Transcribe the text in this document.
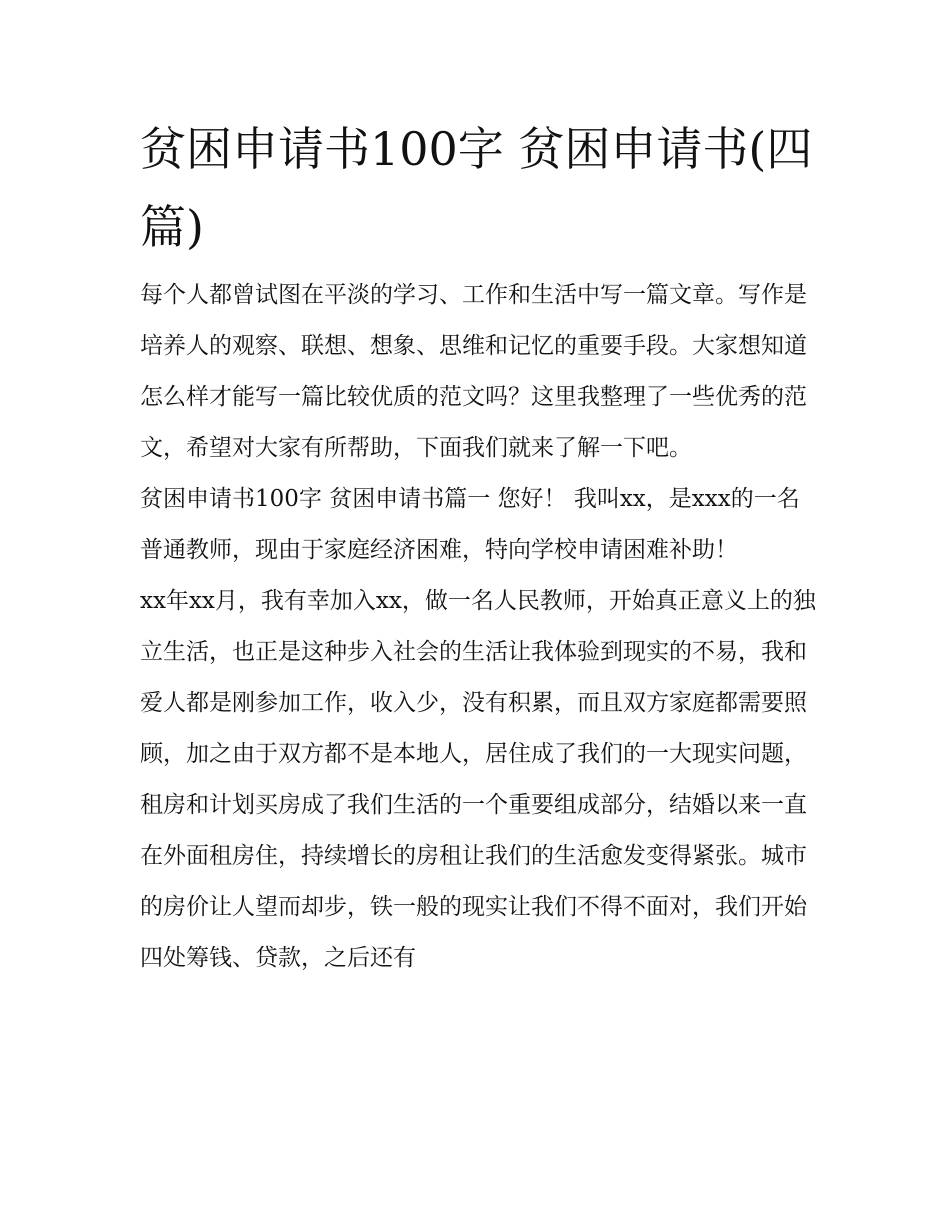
贫困申请书100字 贫困申请书(四篇)

每个人都曾试图在平淡的学习、工作和生活中写一篇文章。写作是培养人的观察、联想、想象、思维和记忆的重要手段。大家想知道怎么样才能写一篇比较优质的范文吗？这里我整理了一些优秀的范文，希望对大家有所帮助，下面我们就来了解一下吧。

贫困申请书100字 贫困申请书篇一 您好！ 我叫xx，是xxx的一名普通教师，现由于家庭经济困难，特向学校申请困难补助！

xx年xx月，我有幸加入xx，做一名人民教师，开始真正意义上的独立生活，也正是这种步入社会的生活让我体验到现实的不易，我和爱人都是刚参加工作，收入少，没有积累，而且双方家庭都需要照顾，加之由于双方都不是本地人，居住成了我们的一大现实问题，租房和计划买房成了我们生活的一个重要组成部分，结婚以来一直在外面租房住，持续增长的房租让我们的生活愈发变得紧张。城市的房价让人望而却步，铁一般的现实让我们不得不面对，我们开始四处筹钱、贷款，之后还有
